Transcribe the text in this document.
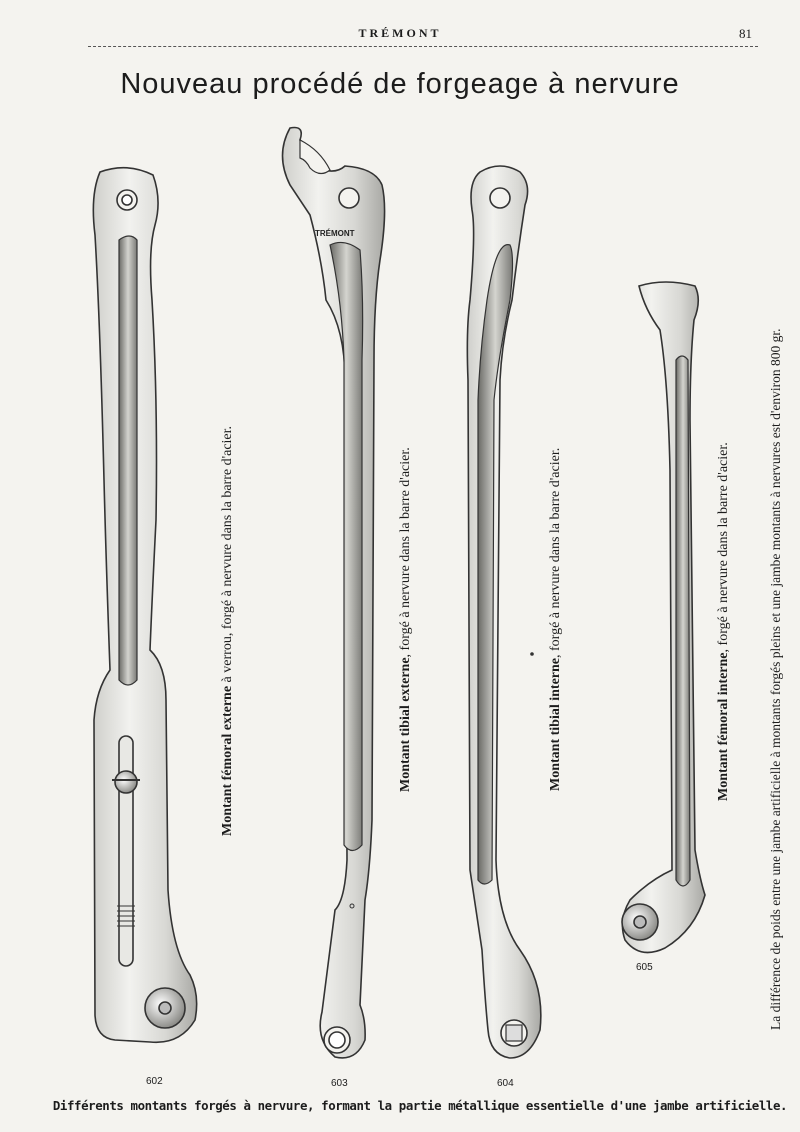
TRÉMONT	81

Nouveau procédé de forgeage à nervure
TRÉMONT
Montant fémoral externe à verrou, forgé à nervure dans la barre d'acier.
Montant tibial externe, forgé à nervure dans la barre d'acier.
Montant tibial interne, forgé à nervure dans la barre d'acier.
Montant fémoral interne, forgé à nervure dans la barre d'acier.	La différence de poids entre une jambe artificielle à montants forgés pleins et une jambe montants à nervures est d'environ 800 gr.
602	603	604
605
Différents montants forgés à nervure, formant la partie métallique essentielle d'une jambe artificielle.
